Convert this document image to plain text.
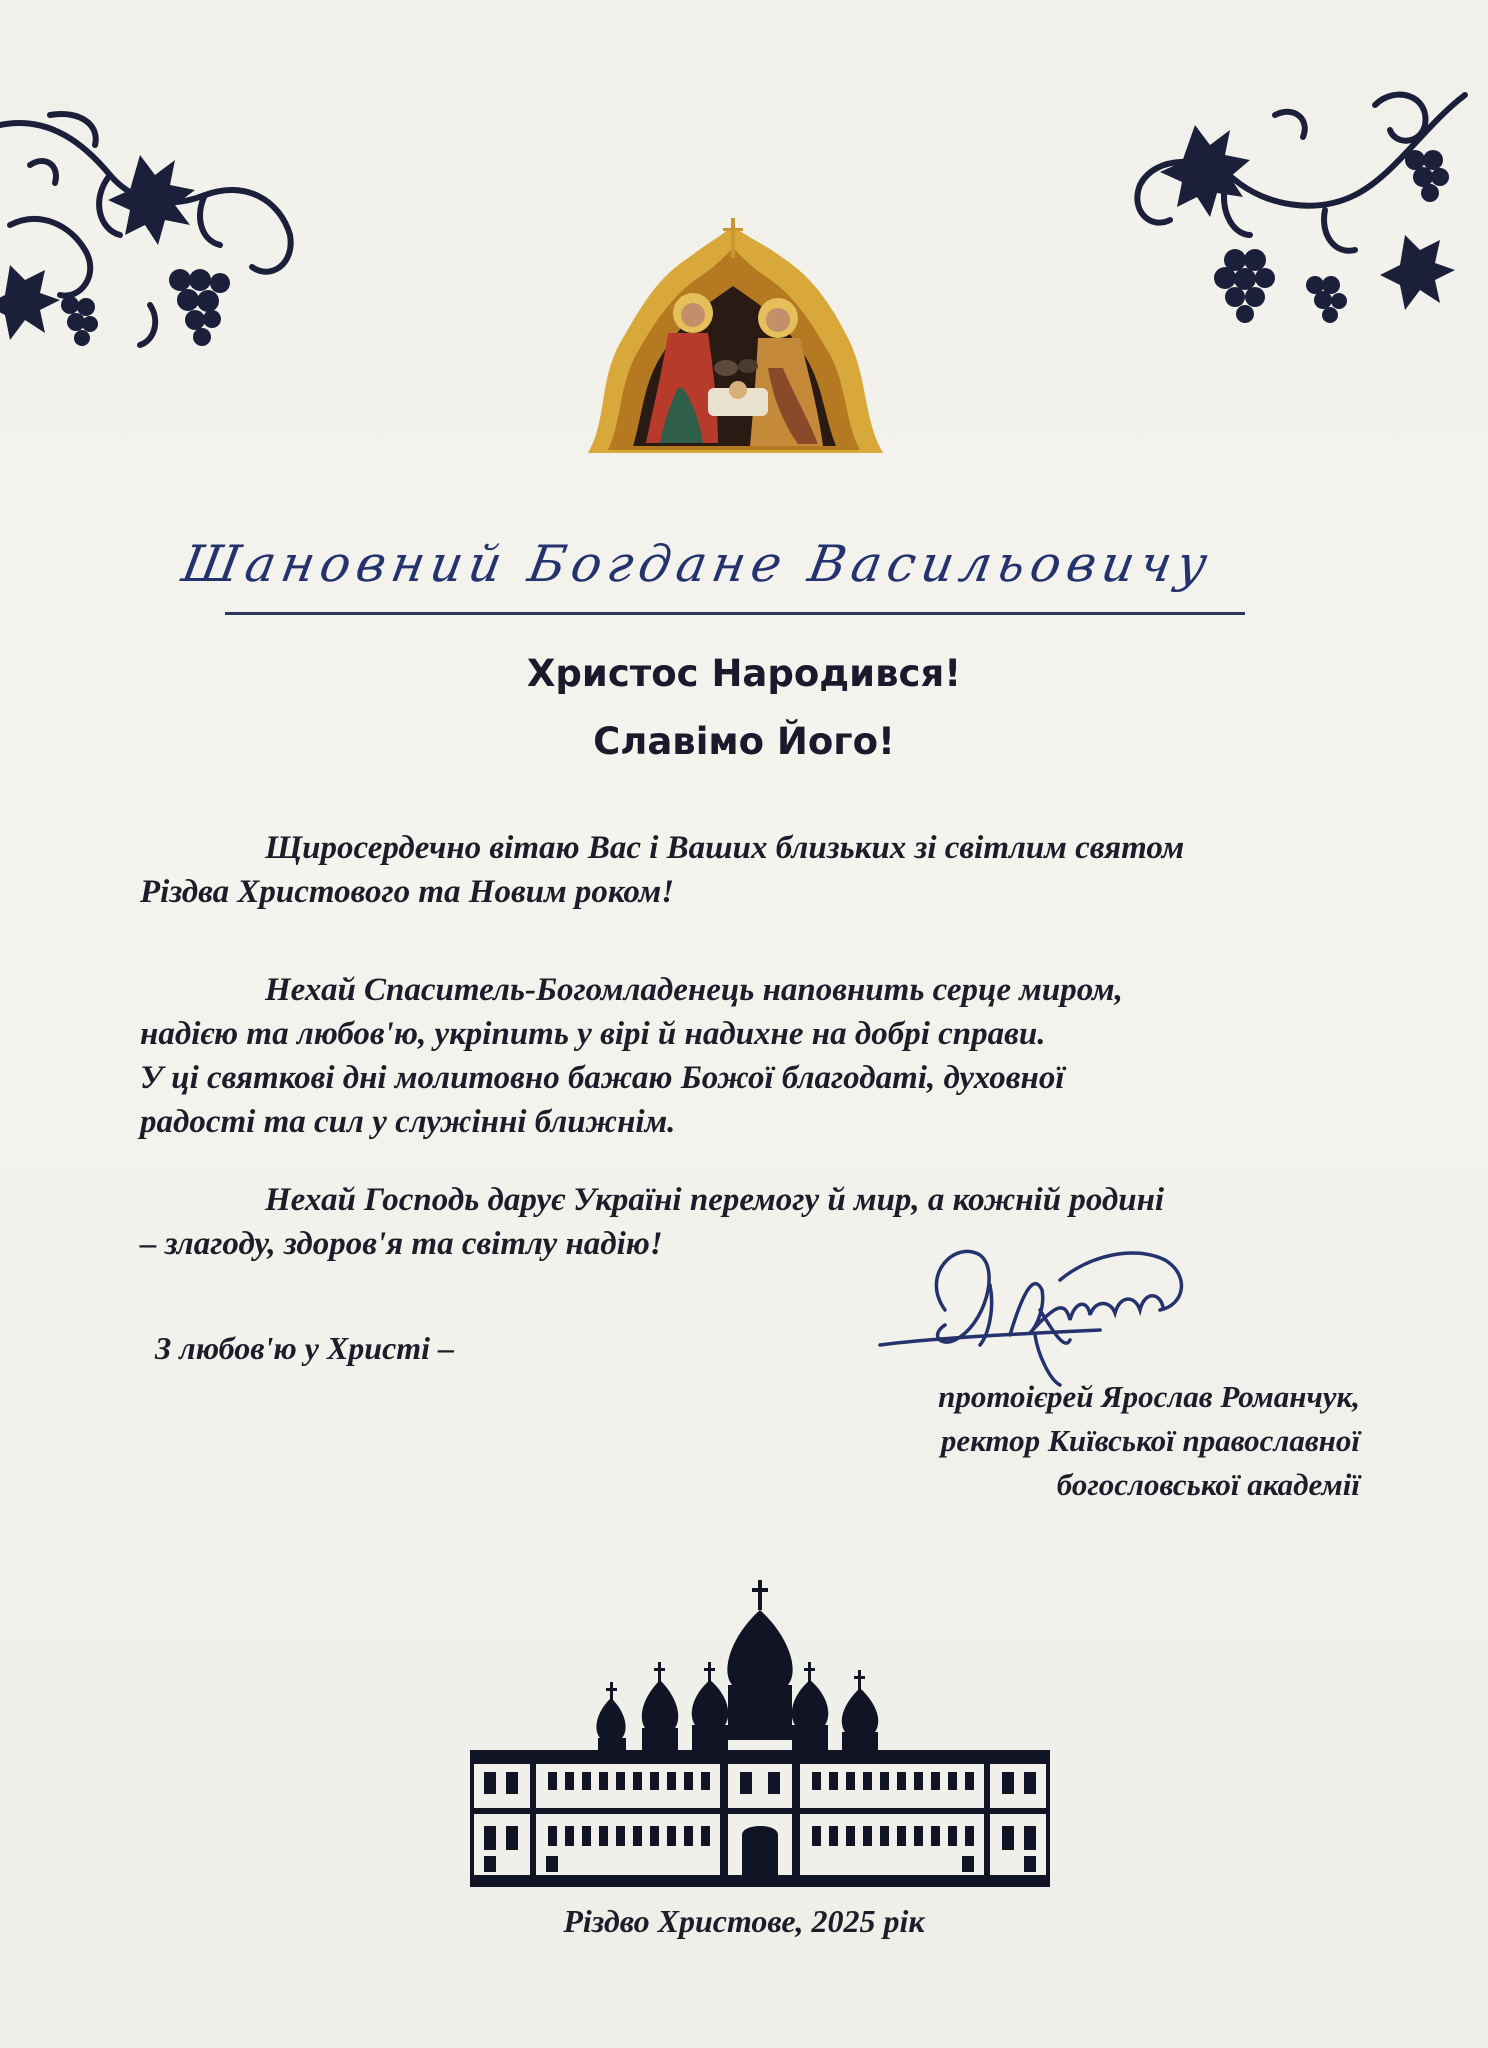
Шановний Богдане Васильовичу
Христос Народився!
Славімо Його!

Щиросердечно вітаю Вас і Ваших близьких зі світлим святом

Різдва Христового та Новим роком!

Нехай Спаситель-Богомладенець наповнить серце миром,

надією та любов'ю, укріпить у вірі й надихне на добрі справи.

У ці святкові дні молитовно бажаю Божої благодаті, духовної

радості та сил у служінні ближнім.

Нехай Господь дарує Україні перемогу й мир, а кожній родині

– злагоду, здоров'я та світлу надію!

З любов'ю у Христі –
протоієрей Ярослав Романчук,
ректор Київської православної
богословської академії
Різдво Христове, 2025 рік
